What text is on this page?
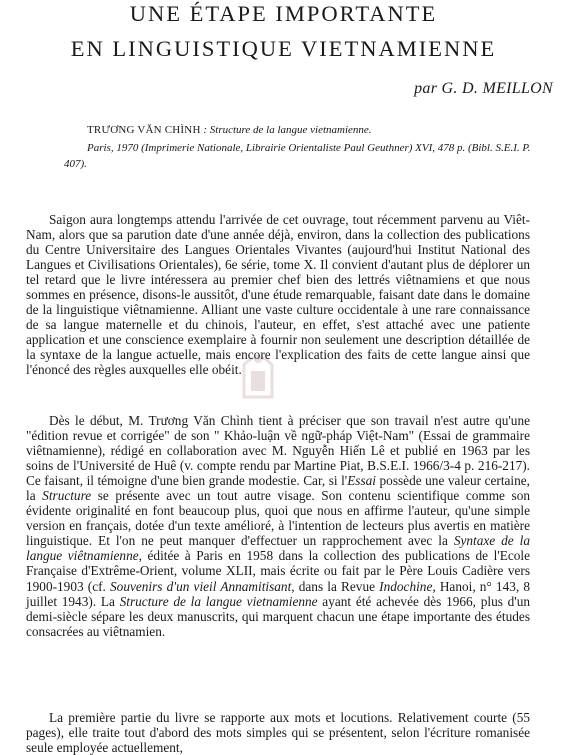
UNE ÉTAPE IMPORTANTE
EN LINGUISTIQUE VIETNAMIENNE
par G. D. MEILLON
TRƯƠNG VĂN CHÌNH : Structure de la langue vietnamienne.
Paris, 1970 (Imprimerie Nationale, Librairie Orientaliste Paul Geuthner) XVI, 478 p. (Bibl. S.E.I. P. 407).

Saigon aura longtemps attendu l'arrivée de cet ouvrage, tout récemment parvenu au Viêt-Nam, alors que sa parution date d'une année déjà, environ, dans la collection des publications du Centre Universitaire des Langues Orientales Vivantes (aujourd'hui Institut National des Langues et Civilisations Orientales), 6e série, tome X. Il convient d'autant plus de déplorer un tel retard que le livre intéressera au premier chef bien des lettrés viêtnamiens et que nous sommes en présence, disons-le aussitôt, d'une étude remarquable, faisant date dans le domaine de la linguistique viêtnamienne. Alliant une vaste culture occidentale à une rare connaissance de sa langue maternelle et du chinois, l'auteur, en effet, s'est attaché avec une patiente application et une conscience exemplaire à fournir non seulement une description détaillée de la syntaxe de la langue actuelle, mais encore l'explication des faits de cette langue ainsi que l'énoncé des règles auxquelles elle obéit.

Dès le début, M. Trương Văn Chình tient à préciser que son travail n'est autre qu'une "édition revue et corrigée" de son " Khảo-luận về ngữ-pháp Việt-Nam" (Essai de grammaire viêtnamienne), rédigé en collaboration avec M. Nguyễn Hiến Lê et publié en 1963 par les soins de l'Université de Huê (v. compte rendu par Martine Piat, B.S.E.I. 1966/3-4 p. 216-217). Ce faisant, il témoigne d'une bien grande modestie. Car, si l'Essai possède une valeur certaine, la Structure se présente avec un tout autre visage. Son contenu scientifique comme son évidente originalité en font beaucoup plus, quoi que nous en affirme l'auteur, qu'une simple version en français, dotée d'un texte amélioré, à l'intention de lecteurs plus avertis en matière linguistique. Et l'on ne peut manquer d'effectuer un rapprochement avec la Syntaxe de la langue viêtnamienne, éditée à Paris en 1958 dans la collection des publications de l'Ecole Française d'Extrême-Orient, volume XLII, mais écrite ou fait par le Père Louis Cadière vers 1900-1903 (cf. Souvenirs d'un vieil Annamitisant, dans la Revue Indochine, Hanoi, n° 143, 8 juillet 1943). La Structure de la langue vietnamienne ayant été achevée dès 1966, plus d'un demi-siècle sépare les deux manuscrits, qui marquent chacun une étape importante des études consacrées au viêtnamien.

La première partie du livre se rapporte aux mots et locutions. Relativement courte (55 pages), elle traite tout d'abord des mots simples qui se présentent, selon l'écriture romanisée seule employée actuellement,
